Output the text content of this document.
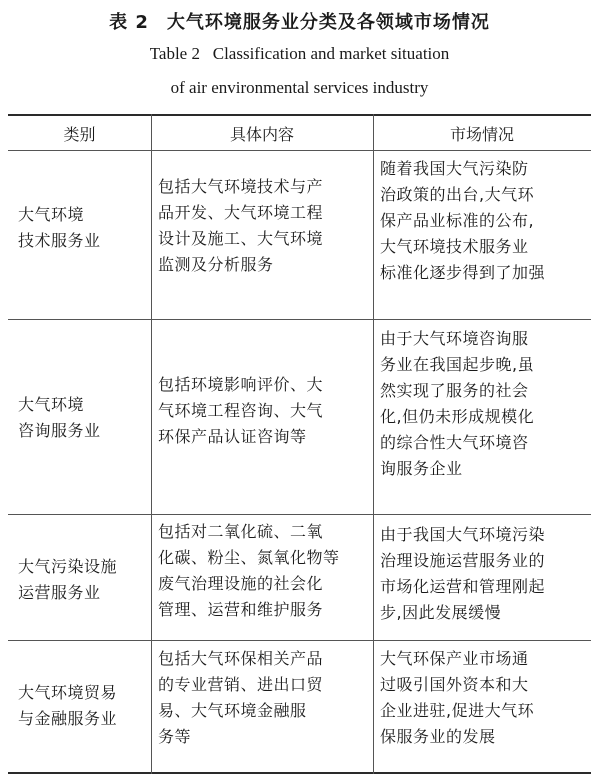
表 2 大气环境服务业分类及各领域市场情况
Table 2   Classification and market situation
of air environmental services industry
类别	具体内容	市场情况
大气环境
技术服务业
包括大气环境技术与产
品开发、大气环境工程
设计及施工、大气环境
监测及分析服务
随着我国大气污染防
治政策的出台,大气环
保产品业标准的公布,
大气环境技术服务业
标准化逐步得到了加强
大气环境
咨询服务业
包括环境影响评价、大
气环境工程咨询、大气
环保产品认证咨询等
由于大气环境咨询服
务业在我国起步晚,虽
然实现了服务的社会
化,但仍未形成规模化
的综合性大气环境咨
询服务企业
大气污染设施
运营服务业
包括对二氧化硫、二氧
化碳、粉尘、氮氧化物等
废气治理设施的社会化
管理、运营和维护服务
由于我国大气环境污染
治理设施运营服务业的
市场化运营和管理刚起
步,因此发展缓慢
大气环境贸易
与金融服务业
包括大气环保相关产品
的专业营销、进出口贸
易、大气环境金融服
务等
大气环保产业市场通
过吸引国外资本和大
企业进驻,促进大气环
保服务业的发展
